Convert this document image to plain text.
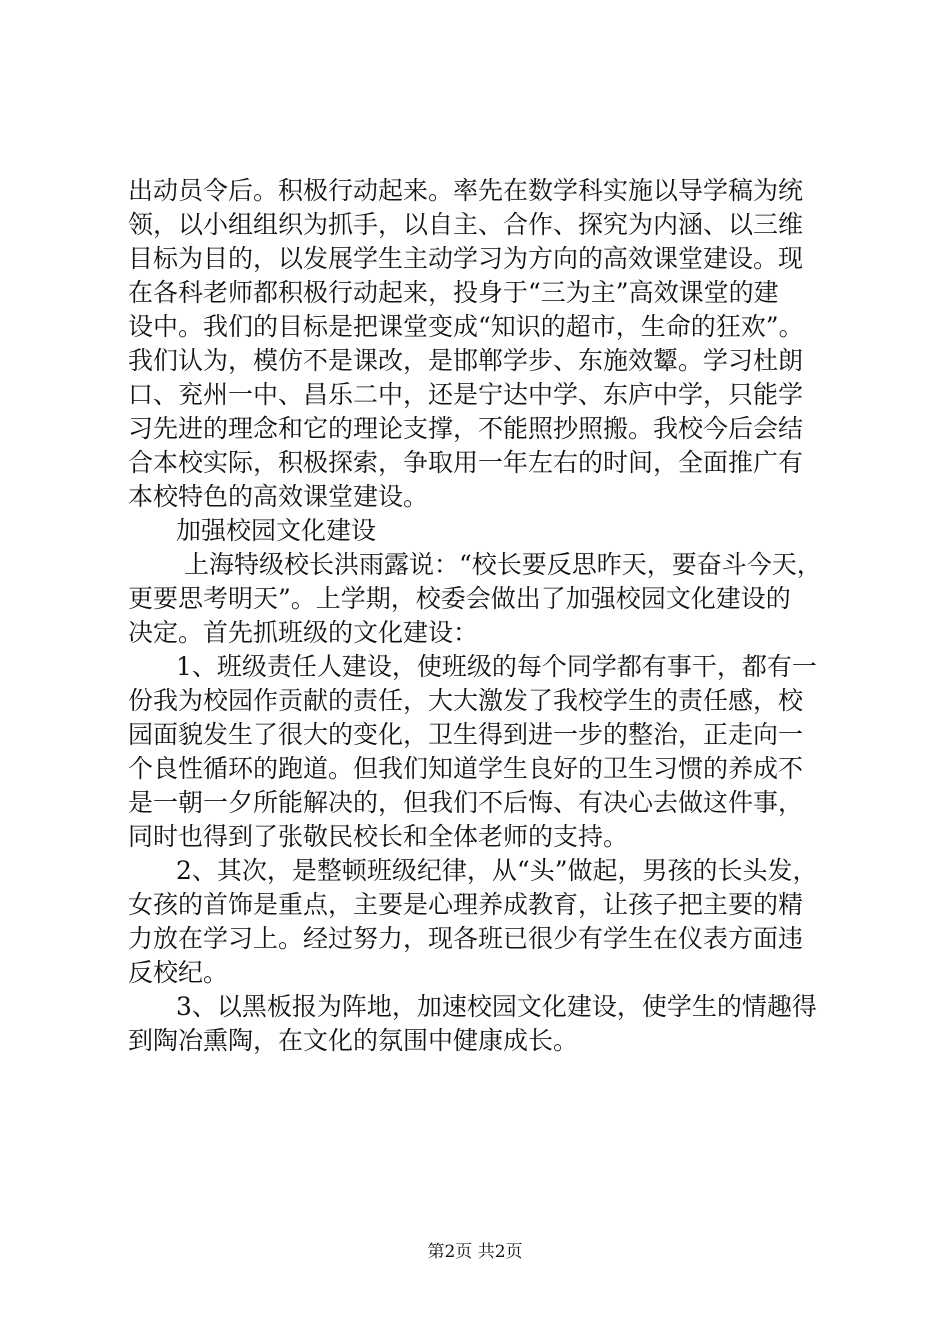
出动员令后。积极行动起来。率先在数学科实施以导学稿为统
领，以小组组织为抓手，以自主、合作、探究为内涵、以三维
目标为目的，以发展学生主动学习为方向的高效课堂建设。现
在各科老师都积极行动起来，投身于“三为主”高效课堂的建
设中。我们的目标是把课堂变成“知识的超市，生命的狂欢”。
我们认为，模仿不是课改，是邯郸学步、东施效颦。学习杜朗
口、兖州一中、昌乐二中，还是宁达中学、东庐中学，只能学
习先进的理念和它的理论支撑，不能照抄照搬。我校今后会结
合本校实际，积极探索，争取用一年左右的时间，全面推广有
本校特色的高效课堂建设。
加强校园文化建设
上海特级校长洪雨露说：“校长要反思昨天，要奋斗今天，
更要思考明天”。上学期，校委会做出了加强校园文化建设的
决定。首先抓班级的文化建设：
1、班级责任人建设，使班级的每个同学都有事干，都有一
份我为校园作贡献的责任，大大激发了我校学生的责任感，校
园面貌发生了很大的变化，卫生得到进一步的整治，正走向一
个良性循环的跑道。但我们知道学生良好的卫生习惯的养成不
是一朝一夕所能解决的，但我们不后悔、有决心去做这件事，
同时也得到了张敬民校长和全体老师的支持。
2、其次，是整顿班级纪律，从“头”做起，男孩的长头发，
女孩的首饰是重点，主要是心理养成教育，让孩子把主要的精
力放在学习上。经过努力，现各班已很少有学生在仪表方面违
反校纪。
3、以黑板报为阵地，加速校园文化建设，使学生的情趣得
到陶冶熏陶，在文化的氛围中健康成长。
第2页 共2页
